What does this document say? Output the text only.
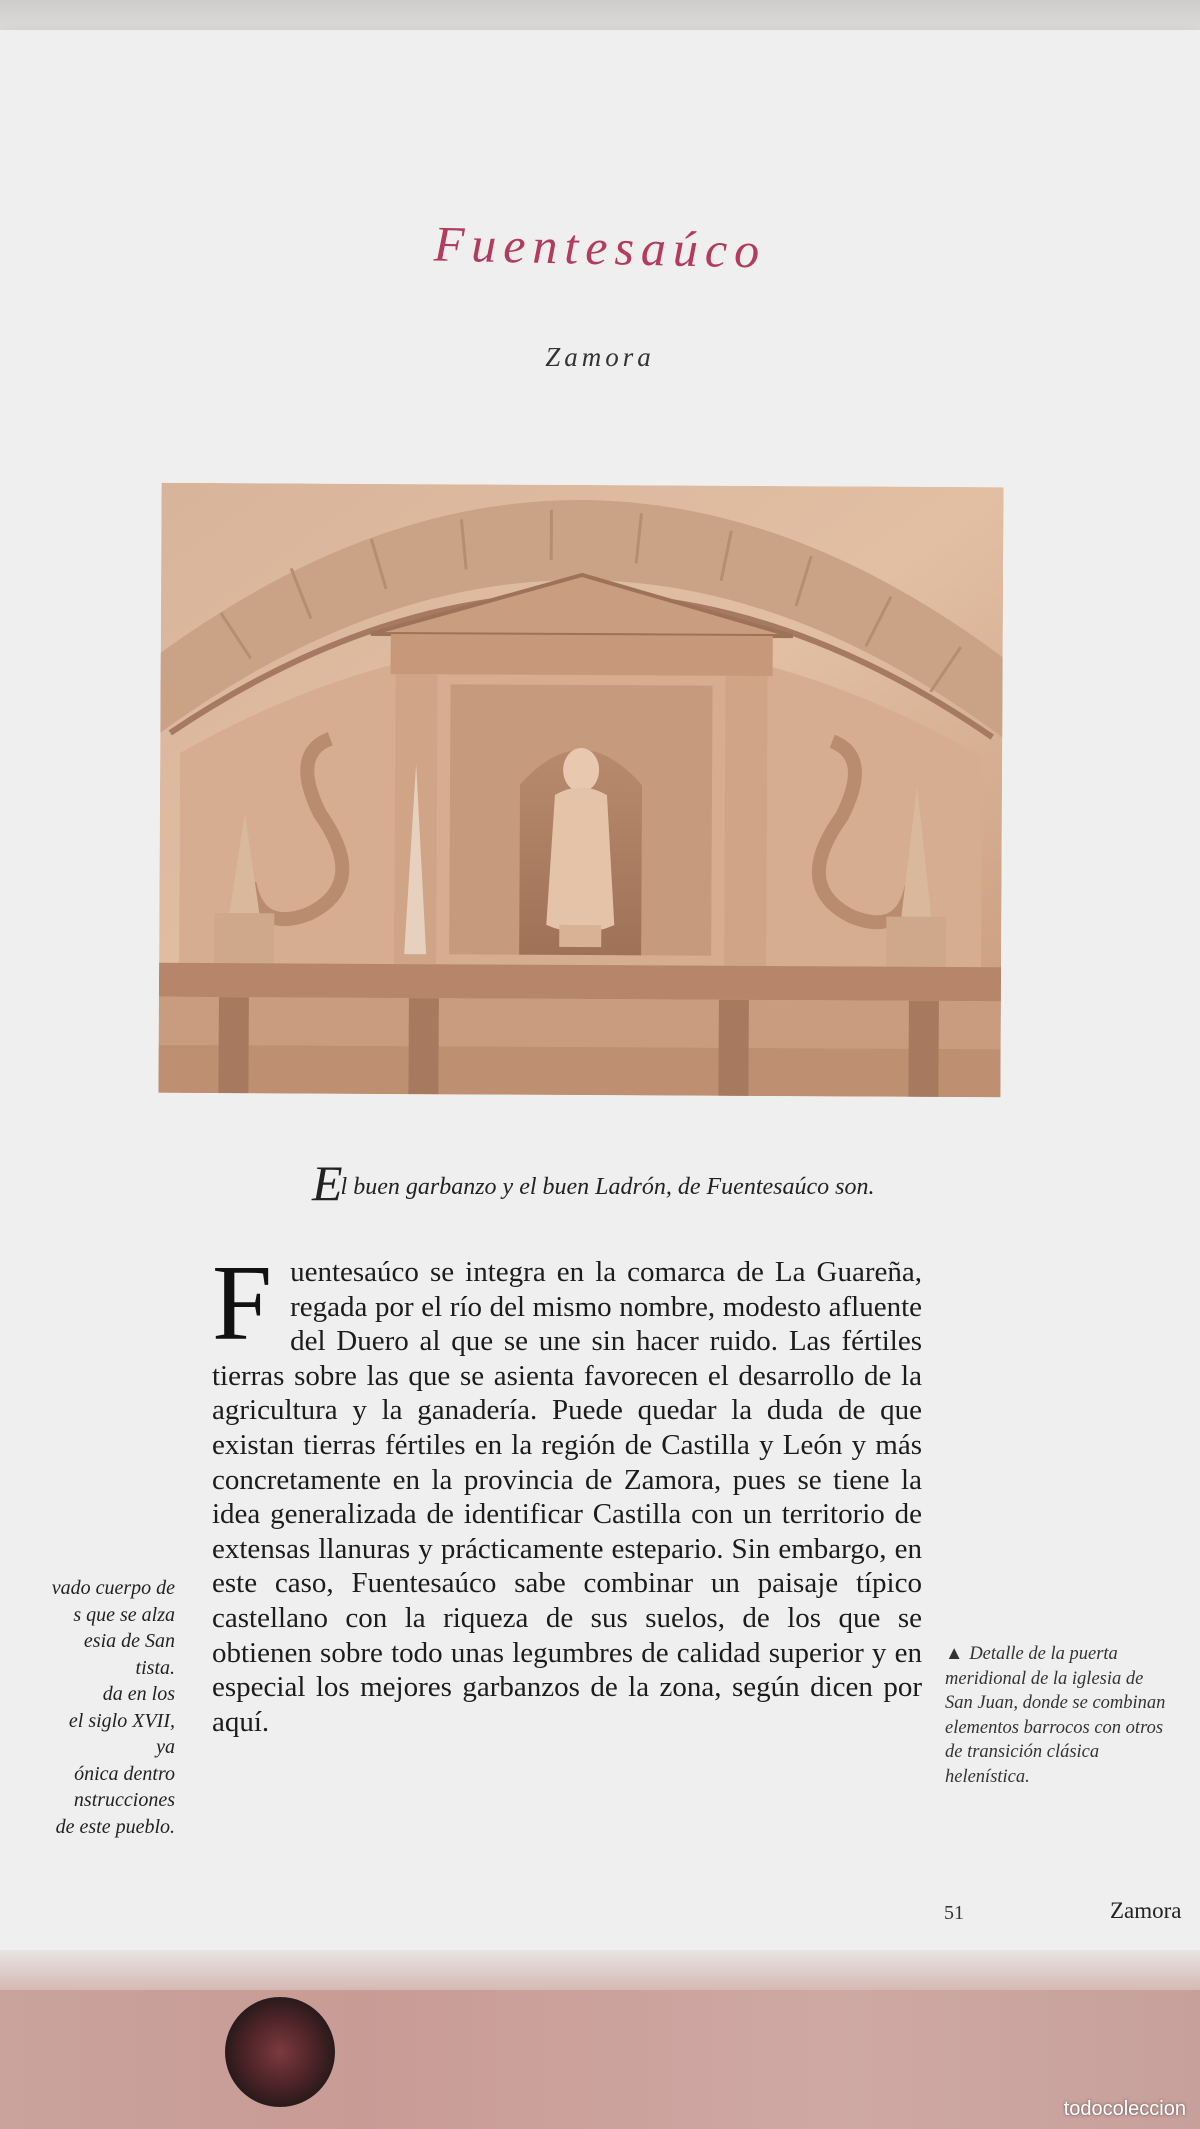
Fuentesaúco
Zamora
El buen garbanzo y el buen Ladrón, de Fuentesaúco son.
Fuentesaúco se integra en la comarca de La Guareña, regada por el río del mismo nombre, modesto afluente del Duero al que se une sin hacer ruido. Las fértiles tierras sobre las que se asienta favorecen el desarrollo de la agricultura y la ganadería. Puede quedar la duda de que existan tierras fértiles en la región de Castilla y León y más concretamente en la provincia de Zamora, pues se tiene la idea generalizada de identificar Castilla con un territorio de extensas llanuras y prácticamente estepario. Sin embargo, en este caso, Fuentesaúco sabe combinar un paisaje típico castellano con la riqueza de sus suelos, de los que se obtienen sobre todo unas legumbres de calidad superior y en especial los mejores garbanzos de la zona, según dicen por aquí.
vado cuerpo de
s que se alza
esia de San
tista.
da en los
el siglo XVII,
ya
ónica dentro
nstrucciones
de este pueblo.
▲ Detalle de la puerta meridional de la iglesia de San Juan, donde se combinan elementos barrocos con otros de transición clásica helenística.
51	Zamora
todocoleccion
